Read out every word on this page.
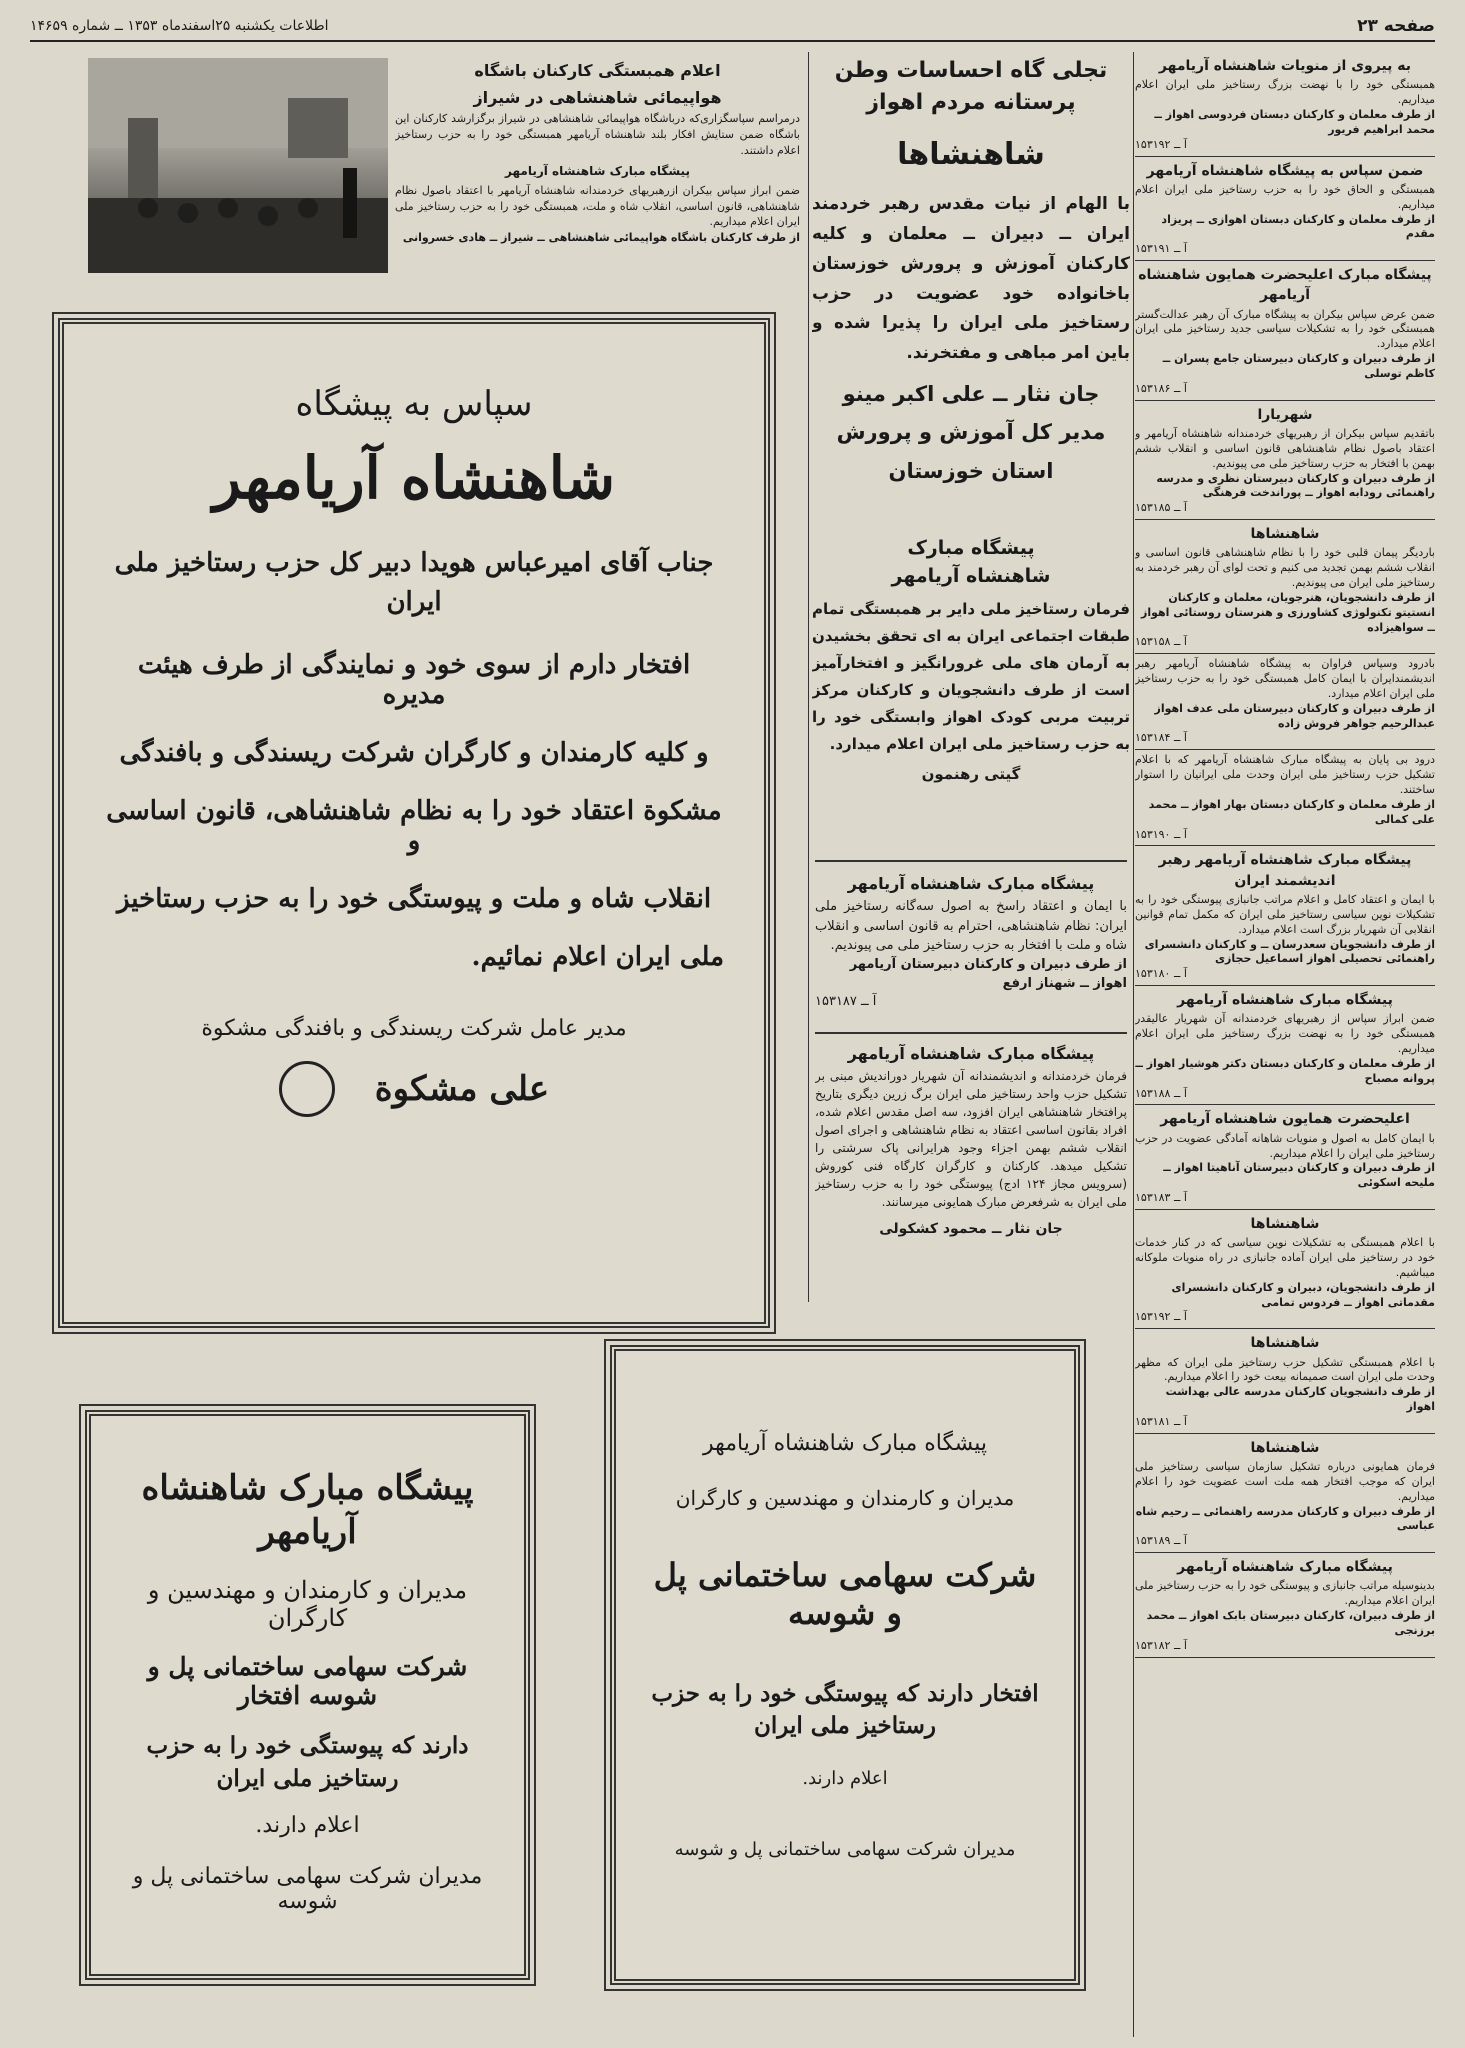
صفحه ۲۳
اطلاعات یکشنبه ۲۵اسفندماه ۱۳۵۳ ــ شماره ۱۴۶۵۹
به پیروی از منویات شاهنشاه آریامهر
همبستگی خود را با نهضت بزرگ رستاخیز ملی ایران اعلام میداریم.
از طرف معلمان و کارکنان دبستان فردوسی اهواز ــ محمد ابراهیم فریور
آ ــ ۱۵۳۱۹۲
ضمن سپاس به پیشگاه شاهنشاه آریامهر
همبستگی و الحاق خود را به حزب رستاخیز ملی ایران اعلام میداریم.
از طرف معلمان و کارکنان دبستان اهوازی ــ پریزاد مقدم
آ ــ ۱۵۳۱۹۱
پیشگاه مبارک اعلیحضرت همایون شاهنشاه آریامهر
ضمن عرض سپاس بیکران به پیشگاه مبارک آن رهبر عدالت‌گستر همبستگی خود را به تشکیلات سیاسی جدید رستاخیز ملی ایران اعلام میدارد.
از طرف دبیران و کارکنان دبیرستان جامع پسران ــ کاظم توسلی
آ ــ ۱۵۳۱۸۶
شهریارا
باتقدیم سپاس بیکران از رهبریهای خردمندانه شاهنشاه آریامهر و اعتقاد باصول نظام شاهنشاهی قانون اساسی و انقلاب ششم بهمن با افتخار به حزب رستاخیز ملی می پیوندیم.
از طرف دبیران و کارکنان دبیرستان نظری و مدرسه راهنمائی رودابه اهواز ــ پوراندخت فرهنگی
آ ــ ۱۵۳۱۸۵
شاهنشاها
باردیگر پیمان قلبی خود را با نظام شاهنشاهی قانون اساسی و انقلاب ششم بهمن تجدید می کنیم و تحت لوای آن رهبر خردمند به رستاخیز ملی ایران می پیوندیم.
از طرف دانشجویان، هنرجویان، معلمان و کارکنان انستیتو تکنولوژی کشاورزی و هنرستان روستائی اهواز ــ سواهیزاده
آ ــ ۱۵۳۱۵۸
بادرود وسپاس فراوان به پیشگاه شاهنشاه آریامهر رهبر اندیشمندایران با ایمان کامل همبستگی خود را به حزب رستاخیز ملی ایران اعلام میدارد.
از طرف دبیران و کارکنان دبیرستان ملی عدف اهواز عبدالرحیم جواهر فروش زاده
آ ــ ۱۵۳۱۸۴
درود بی پایان به پیشگاه مبارک شاهنشاه آریامهر که با اعلام تشکیل حزب رستاخیز ملی ایران وحدت ملی ایرانیان را استوار ساختند.
از طرف معلمان و کارکنان دبستان بهار اهواز ــ محمد علی کمالی
آ ــ ۱۵۳۱۹۰
پیشگاه مبارک شاهنشاه آریامهر رهبر اندیشمند ایران
با ایمان و اعتقاد کامل و اعلام مراتب جانبازی پیوستگی خود را به تشکیلات نوین سیاسی رستاخیز ملی ایران که مکمل تمام قوانین انقلابی آن شهریار بزرگ است اعلام میدارد.
از طرف دانشجویان سعدرسان ــ و کارکنان دانشسرای راهنمائی تحصیلی اهواز اسماعیل حجازی
آ ــ ۱۵۳۱۸۰
پیشگاه مبارک شاهنشاه آریامهر
ضمن ابراز سپاس از رهبریهای خردمندانه آن شهریار عالیقدر همبستگی خود را به نهضت بزرگ رستاخیز ملی ایران اعلام میداریم.
از طرف معلمان و کارکنان دبستان دکتر هوشیار اهواز ــ پروانه مصباح
آ ــ ۱۵۳۱۸۸
اعلیحضرت همایون شاهنشاه آریامهر
با ایمان کامل به اصول و منویات شاهانه آمادگی عضویت در حزب رستاخیز ملی ایران را اعلام میداریم.
از طرف دبیران و کارکنان دبیرستان آناهیتا اهواز ــ ملیحه اسکوئی
آ ــ ۱۵۳۱۸۳
شاهنشاها
با اعلام همبستگی به تشکیلات نوین سیاسی که در کنار خدمات خود در رستاخیز ملی ایران آماده جانبازی در راه منویات ملوکانه میباشیم.
از طرف دانشجویان، دبیران و کارکنان دانشسرای مقدماتی اهواز ــ فردوس تمامی
آ ــ ۱۵۳۱۹۲
شاهنشاها
با اعلام همبستگی تشکیل حزب رستاخیز ملی ایران که مظهر وحدت ملی ایران است صمیمانه بیعت خود را اعلام میداریم.
از طرف دانشجویان کارکنان مدرسه عالی بهداشت اهواز
آ ــ ۱۵۳۱۸۱
شاهنشاها
فرمان همایونی درباره تشکیل سازمان سیاسی رستاخیز ملی ایران که موجب افتخار همه ملت است عضویت خود را اعلام میداریم.
از طرف دبیران و کارکنان مدرسه راهنمائی ــ رحیم شاه عباسی
آ ــ ۱۵۳۱۸۹
پیشگاه مبارک شاهنشاه آریامهر
بدینوسیله مراتب جانبازی و پیوستگی خود را به حزب رستاخیز ملی ایران اعلام میداریم.
از طرف دبیران، کارکنان دبیرستان بابک اهواز ــ محمد برزنجی
آ ــ ۱۵۳۱۸۲
تجلی گاه احساسات وطن پرستانه مردم اهواز
شاهنشاها
با الهام از نیات مقدس رهبر خردمند ایران ــ دبیران ــ معلمان و کلیه کارکنان آموزش و پرورش خوزستان باخانواده خود عضویت در حزب رستاخیز ملی ایران را پذیرا شده و باین امر مباهی و مفتخرند.
جان نثار ــ علی اکبر مینو
مدیر کل آموزش و پرورش
استان خوزستان
پیشگاه مبارک
شاهنشاه آریامهر
فرمان رستاخیز ملی دایر بر همبستگی تمام طبقات اجتماعی ایران به ای تحقق بخشیدن به آرمان های ملی غرورانگیز و افتخارآمیز است از طرف دانشجویان و کارکنان مرکز تربیت مربی کودک اهواز وابستگی خود را به حزب رستاخیز ملی ایران اعلام میدارد.
گیتی رهنمون
پیشگاه مبارک شاهنشاه آریامهر
با ایمان و اعتقاد راسخ به اصول سه‌گانه رستاخیز ملی ایران: نظام شاهنشاهی، احترام به قانون اساسی و انقلاب شاه و ملت با افتخار به حزب رستاخیز ملی می پیوندیم.
از طرف دبیران و کارکنان دبیرستان آریامهر اهواز ــ شهناز ارفع
آ ــ ۱۵۳۱۸۷
پیشگاه مبارک شاهنشاه آریامهر
فرمان خردمندانه و اندیشمندانه آن شهریار دوراندیش مبنی بر تشکیل حزب واحد رستاخیز ملی ایران برگ زرین دیگری بتاریخ پرافتخار شاهنشاهی ایران افزود، سه اصل مقدس اعلام شده، افراد بقانون اساسی اعتقاد به نظام شاهنشاهی و اجرای اصول انقلاب ششم بهمن اجزاء وجود هرایرانی پاک سرشتی را تشکیل میدهد. کارکنان و کارگران کارگاه فنی کوروش (سرویس مجاز ۱۲۴ ادج) پیوستگی خود را به حزب رستاخیز ملی ایران به شرفعرض مبارک همایونی میرسانند.
جان نثار ــ محمود کشکولی
اعلام همبستگی کارکنان باشگاه
هواپیمائی شاهنشاهی در شیراز
درمراسم سپاسگزاری‌که درباشگاه هواپیمائی شاهنشاهی در شیراز برگزارشد کارکنان این باشگاه ضمن ستایش افکار بلند شاهنشاه آریامهر همبستگی خود را به حزب رستاخیز اعلام داشتند.
پیشگاه مبارک شاهنشاه آریامهر
ضمن ابراز سپاس بیکران ازرهبریهای خردمندانه شاهنشاه آریامهر با اعتقاد باصول نظام شاهنشاهی، قانون اساسی، انقلاب شاه و ملت، همبستگی خود را به حزب رستاخیز ملی ایران اعلام میداریم.
از طرف کارکنان باشگاه هواپیمائی شاهنشاهی ــ شیراز ــ هادی خسروانی
سپاس به پیشگاه
شاهنشاه آریامهر
جناب آقای امیرعباس هویدا دبیر کل حزب رستاخیز ملی ایران
افتخار دارم از سوی خود و نمایندگی از طرف هیئت مدیره
و کلیه کارمندان و کارگران شرکت ریسندگی و بافندگی
مشکوة اعتقاد خود را به نظام شاهنشاهی، قانون اساسی و
انقلاب شاه و ملت و پیوستگی خود را به حزب رستاخیز
ملی ایران اعلام نمائیم.
مدیر عامل شرکت ریسندگی و بافندگی مشکوة
علی مشکوة
پیشگاه مبارک شاهنشاه آریامهر
مدیران و کارمندان و مهندسین و کارگران
شرکت سهامی ساختمانی پل و شوسه افتخار
دارند که پیوستگی خود را به حزب رستاخیز ملی ایران
اعلام دارند.
مدیران شرکت سهامی ساختمانی پل و شوسه
پیشگاه مبارک شاهنشاه آریامهر
مدیران و کارمندان و مهندسین و کارگران
شرکت سهامی ساختمانی پل و شوسه
افتخار دارند که پیوستگی خود را به حزب رستاخیز ملی ایران
اعلام دارند.
مدیران شرکت سهامی ساختمانی پل و شوسه
